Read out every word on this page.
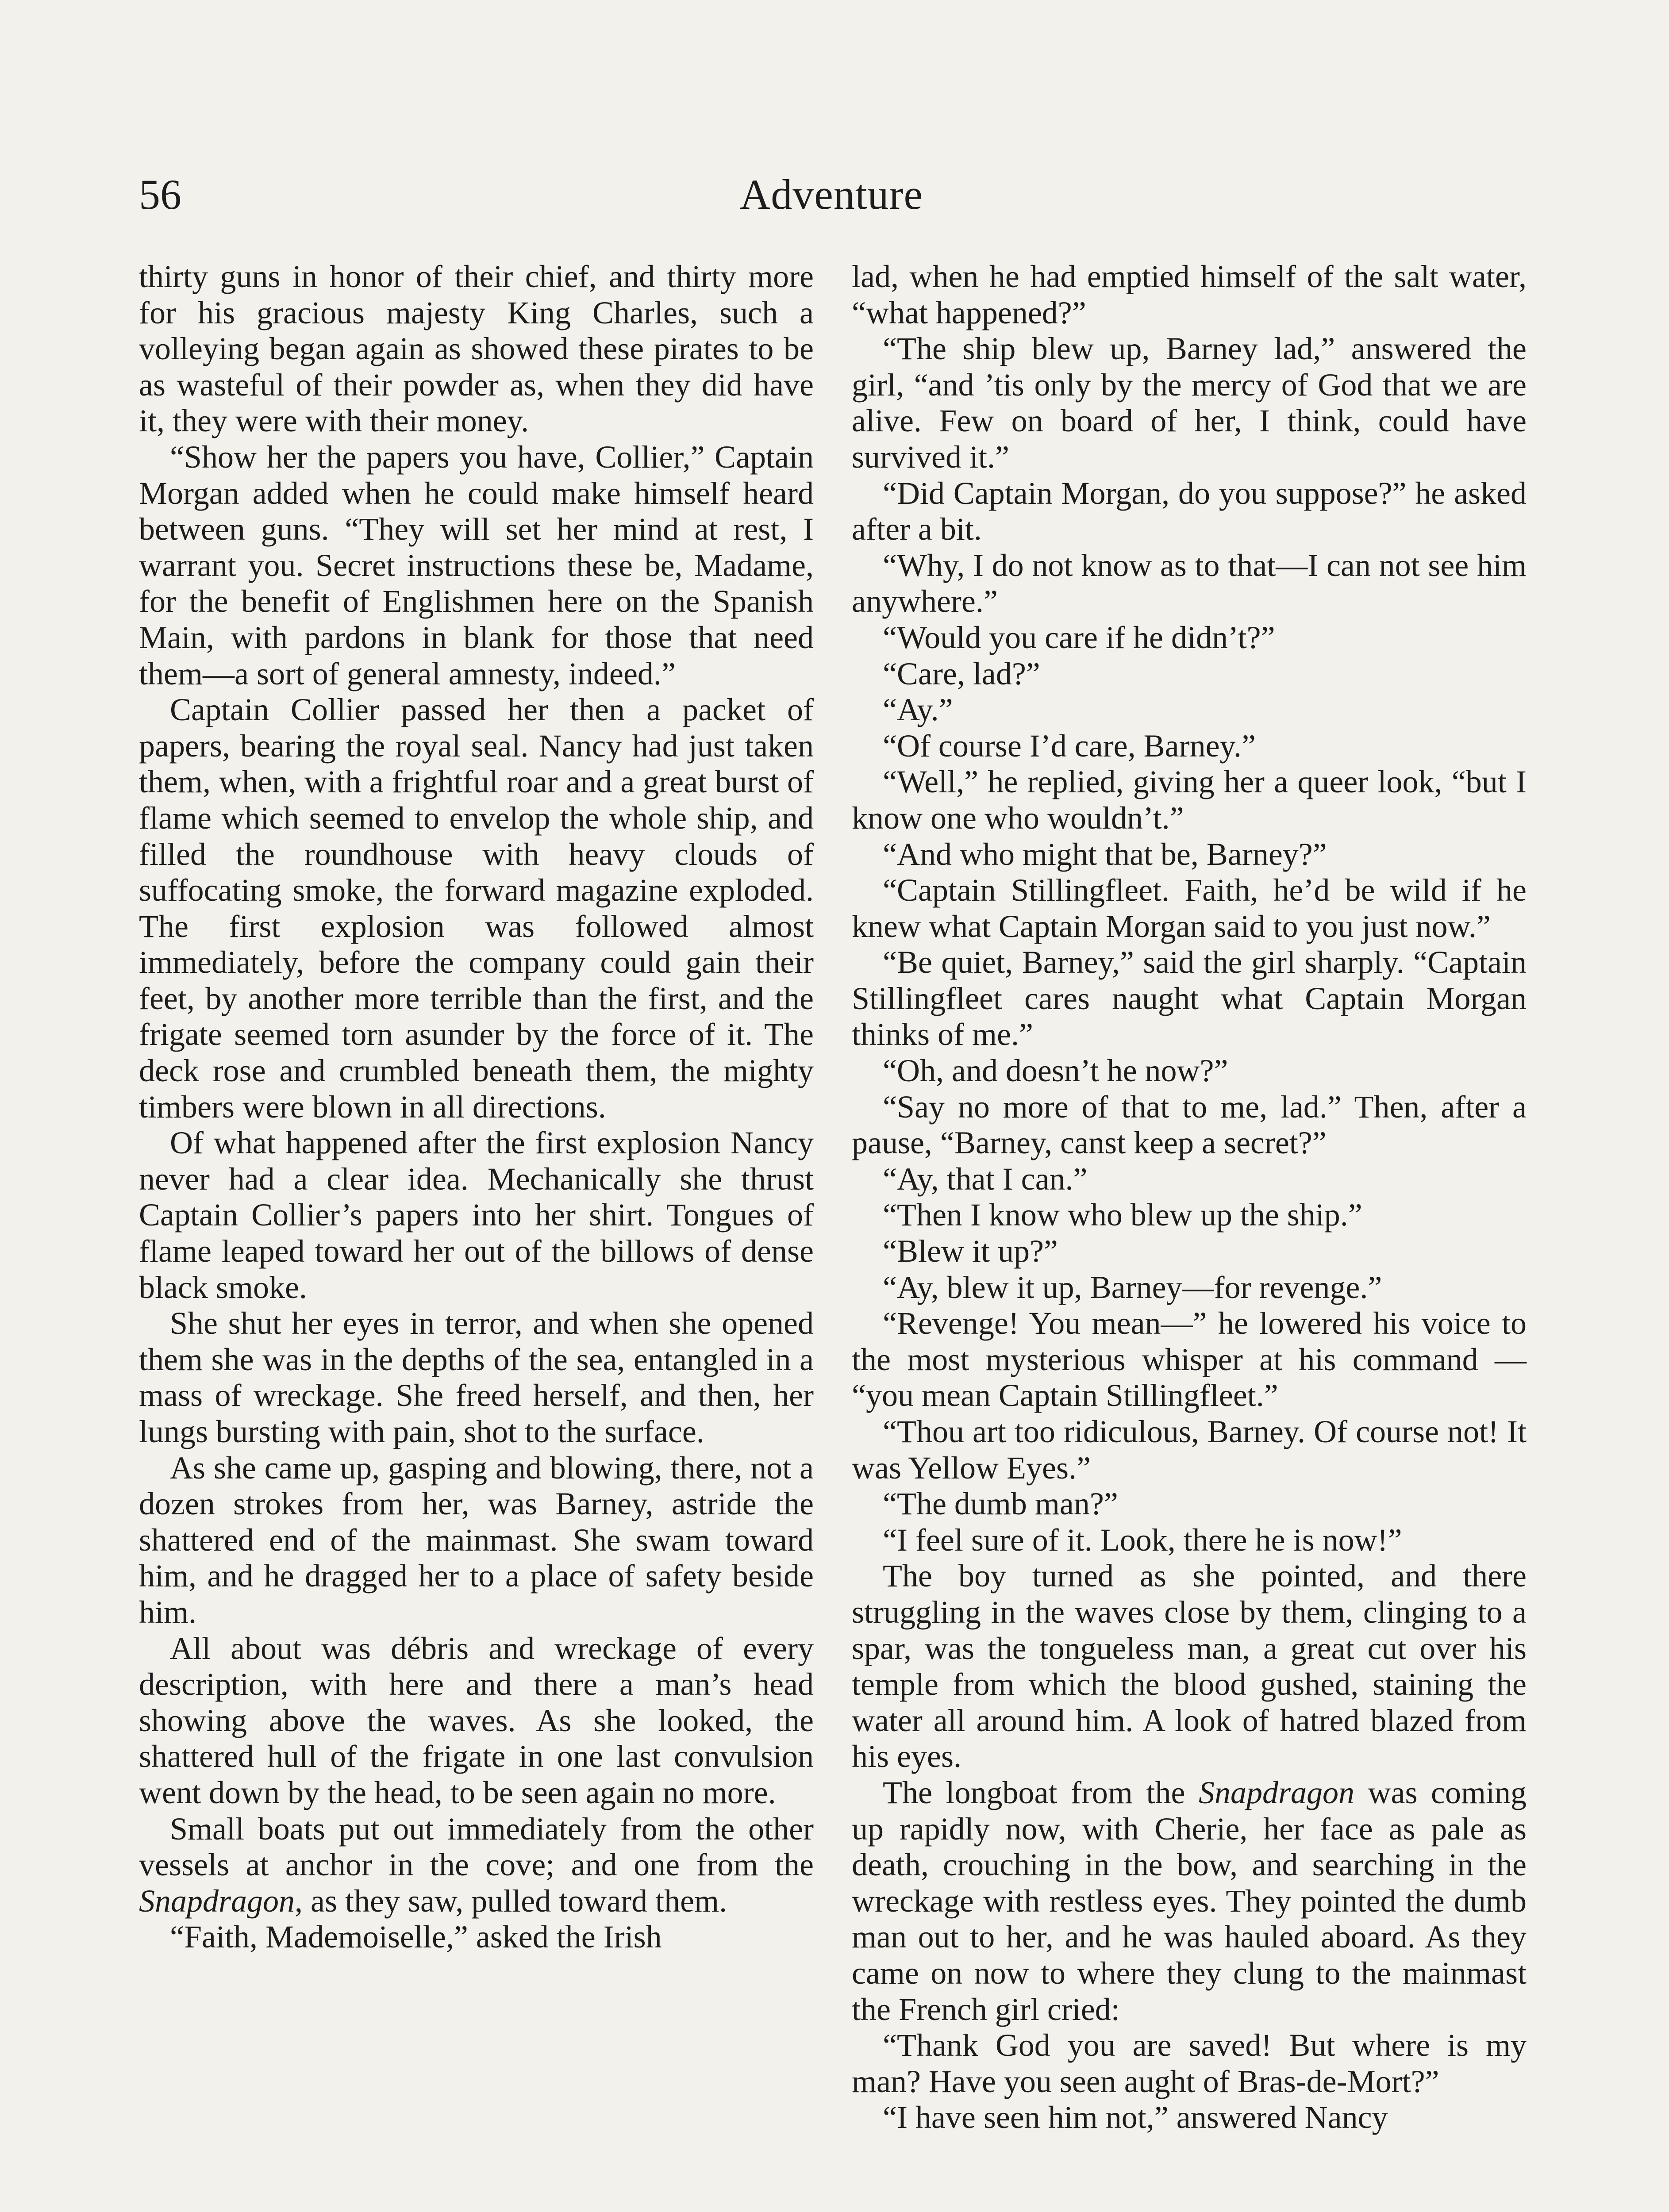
56	Adventure

thirty guns in honor of their chief, and thirty more for his gracious majesty King Charles, such a volleying began again as showed these pirates to be as wasteful of their powder as, when they did have it, they were with their money.

“Show her the papers you have, Collier,” Captain Morgan added when he could make himself heard between guns. “They will set her mind at rest, I warrant you. Secret instructions these be, Madame, for the benefit of Englishmen here on the Spanish Main, with pardons in blank for those that need them—a sort of general amnesty, indeed.”

Captain Collier passed her then a packet of papers, bearing the royal seal. Nancy had just taken them, when, with a frightful roar and a great burst of flame which seemed to envelop the whole ship, and filled the roundhouse with heavy clouds of suffocating smoke, the forward magazine exploded. The first explosion was followed almost immediately, before the company could gain their feet, by another more terrible than the first, and the frigate seemed torn asunder by the force of it. The deck rose and crumbled beneath them, the mighty timbers were blown in all directions.

Of what happened after the first explosion Nancy never had a clear idea. Mechanically she thrust Captain Collier’s papers into her shirt. Tongues of flame leaped toward her out of the billows of dense black smoke.

She shut her eyes in terror, and when she opened them she was in the depths of the sea, entangled in a mass of wreckage. She freed herself, and then, her lungs bursting with pain, shot to the surface.

As she came up, gasping and blowing, there, not a dozen strokes from her, was Barney, astride the shattered end of the mainmast. She swam toward him, and he dragged her to a place of safety beside him.

All about was débris and wreckage of every description, with here and there a man’s head showing above the waves. As she looked, the shattered hull of the frigate in one last convulsion went down by the head, to be seen again no more.

Small boats put out immediately from the other vessels at anchor in the cove; and one from the Snapdragon, as they saw, pulled toward them.

“Faith, Mademoiselle,” asked the Irish

lad, when he had emptied himself of the salt water, “what happened?”

“The ship blew up, Barney lad,” answered the girl, “and ’tis only by the mercy of God that we are alive. Few on board of her, I think, could have survived it.”

“Did Captain Morgan, do you suppose?” he asked after a bit.

“Why, I do not know as to that—I can not see him anywhere.”

“Would you care if he didn’t?”

“Care, lad?”

“Ay.”

“Of course I’d care, Barney.”

“Well,” he replied, giving her a queer look, “but I know one who wouldn’t.”

“And who might that be, Barney?”

“Captain Stillingfleet. Faith, he’d be wild if he knew what Captain Morgan said to you just now.”

“Be quiet, Barney,” said the girl sharply. “Captain Stillingfleet cares naught what Captain Morgan thinks of me.”

“Oh, and doesn’t he now?”

“Say no more of that to me, lad.” Then, after a pause, “Barney, canst keep a secret?”

“Ay, that I can.”

“Then I know who blew up the ship.”

“Blew it up?”

“Ay, blew it up, Barney—for revenge.”

“Revenge! You mean—” he lowered his voice to the most mysterious whisper at his command — “you mean Captain Stillingfleet.”

“Thou art too ridiculous, Barney. Of course not! It was Yellow Eyes.”

“The dumb man?”

“I feel sure of it. Look, there he is now!”

The boy turned as she pointed, and there struggling in the waves close by them, clinging to a spar, was the tongueless man, a great cut over his temple from which the blood gushed, staining the water all around him. A look of hatred blazed from his eyes.

The longboat from the Snapdragon was coming up rapidly now, with Cherie, her face as pale as death, crouching in the bow, and searching in the wreckage with restless eyes. They pointed the dumb man out to her, and he was hauled aboard. As they came on now to where they clung to the mainmast the French girl cried:

“Thank God you are saved! But where is my man? Have you seen aught of Bras-de-Mort?”

“I have seen him not,” answered Nancy
